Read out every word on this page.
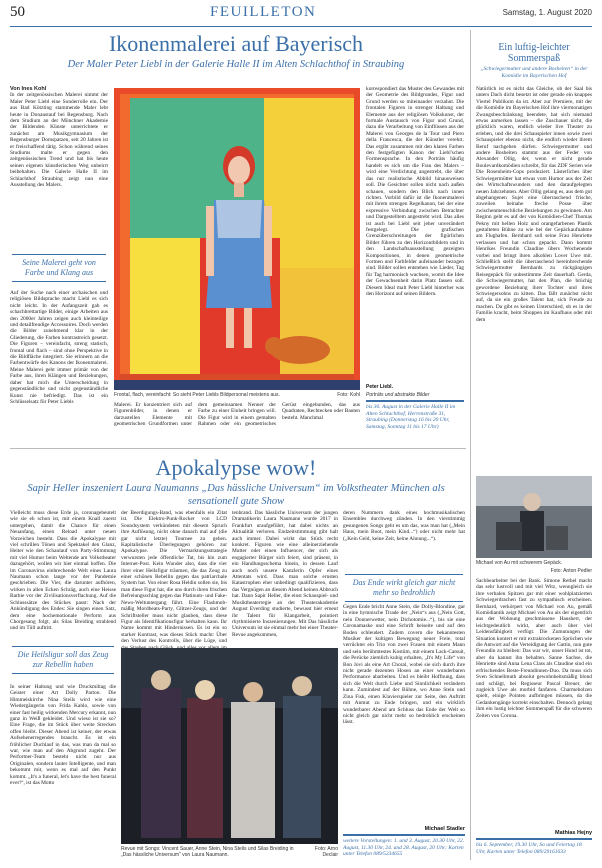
50	FEUILLETON	Samstag, 1. August 2020
Ikonenmalerei auf Bayerisch
Der Maler Peter Liebl in der Galerie Halle II im Alten Schlachthof in Straubing
Von Ines Kohl
In der zeitgenössischen Malerei nimmt der Maler Peter Liebl eine Sonderrolle ein. Der aus Bad Kötzting stammende Maler lebt heute in Donaustauf bei Regensburg. Nach dem Studium an der Münchner Akademie der Bildenden Künste unterrichtete er zunächst am Musikgymnasium der Regensburger Domspatzen, seit 20 Jahren ist er freischaffend tätig. Schon während seines Studiums malte er gegen den zeitgenössischen Trend und hat bis heute seinen eigenen künstlerischen Weg unbeirrt beibehalten. Die Galerie Halle II im Schlachthof Straubing zeigt nun eine Ausstellung des Malers.
Seine Malerei geht von Farbe und Klang aus
Auf der Suche nach einer archaischen und religiösen Bildsprache macht Liebl es sich nicht leicht. In der Anfangszeit gab es schachbrettartige Bilder, einige Arbeiten aus den 2000er Jahren zeigen auch kleinteilige und detailfreudige Accessoires. Doch werden die Bilder zunehmend klar in der Gliederung, die Farben kontrastreich gesetzt. Die Figuren – vereinfacht, streng statisch, frontal und flach – sind ohne Perspektive in die Bildfläche integriert. Sie erinnern an die Farbentwürfe des Kanons der Ikonenmalerei. Meine Malerei geht immer primär von der Farbe aus, ihren Klängen und Beziehungen, daher hat mich die Unterscheidung in gegenständliche und nicht gegenständliche Kunst nie befriedigt. Das ist ein Schlüsselsatz für Peter Liebls
Frontal, flach, vereinfacht: So sieht Peter Liebls Bildpersonal meistens aus.	Foto: Kohl
Malerei. Er konzentriert sich auf Figurenbilder, in denen er darzustellen Elemente mit geometrischen Grundformen unter dem gemeinsamen Nenner der Farbe zu einer Einheit bringen will. Die Figur wird in einem gemalten Rahmen oder ein geometrisches Gerüst eingebunden, das aus Quadraten, Rechtecken oder Bauten besteht. Manchmal
korrespondiert das Muster des Gewandes mit der Geometrie des Bildgrundes, Figur und Grund werden so miteinander verzahnt. Die frontalen Figuren in strenger Haltung und Elemente aus der religiösen Volkskunst, der formale Austausch von Figur und Grund, dazu die Verarbeitung von Einflüssen aus der Malerei von Georges de la Tour und Piero della Francesca, die der Künstler verehrt. Das ergibt zusammen mit den klaren Farben den festgefügten Kanon der Liebl'schen Formensprache. In den Porträts häufig handelt es sich um die Frau des Malers – wird eine Verdichtung angestrebt, die über das nur realistische Abbild hinausweisen soll. Die Gesichter sollen nicht nach außen schauen, sondern den Blick nach innen richten. Vorbild dafür ist die Ikonenmalerei mit ihrem strengen Regelkanon, bei der eine expressive Verbindung zwischen Betrachter und Dargestelltem angestrebt wird. Das alles ist auch bei Liebl seit jeher unverändert festgelegt. Die grafischen Grenzüberschreitungen der figürlichen Bilder führen zu den Horizontbildern und in den Landschaftsausstellung gezeigten Kompositionen, in denen geometrische Formen und Farbfelder aufeinander bezogen sind. Bilder sollen entstehen wie Lieder, Tag für Tag harmonisch wachsen, womit die Idee der Gewachsenheit darin Platz fassen soll. Diesem Ideal malt Peter Liebl hinterher was den Horizont auf seinen Bildern.
Peter Liebl.
Porträts und abstrakte Bilder
bis 30. August in der Galerie Halle II im Alten Schlachthof, Herrenstraße 31, Straubing (Donnerstag 16 bis 20 Uhr, Samstag, Sonntag 11 bis 17 Uhr)
Ein luftig-leichter Sommerspaß
„Schwiegermutter und andere Bosheiten“ in der Komödie im Bayerischen Hof
Natürlich ist es nicht das Gleiche, ob der Saal bis unters Dach dicht besetzt ist oder gerade ein knappes Viertel Publikum da ist. Aber zur Premiere, mit der die Komödie im Bayerischen Hof ihre viermonatigen Zwangsbeschränkung beendete, hat sich niemand etwas anmerken lassen – die Zuschauer nicht, die glücklich waren, endlich wieder live Theater zu erleben, und die drei Schauspieler innen sowie zwei Schauspieler ebenso nicht, die endlich wieder ihrem Beruf nachgehen dürfen. Schwiegermutter und andere Bosheiten stammt aus der Feder von Alexander Ollig, der, wenn er nicht gerade Boulevardkomödien schreibt, für das ZDF Serien wie Die Rosenheim-Cops produziert. Lästerliches über Schwiegermütter hat etwas vom Humor aus der Zeit des Wirtschaftswunders und den daraufgelegten neuen Jahrzehnten. Aber Ollig gelang es, aus dem gut abgehangenen Sujet eine überraschend frische, zuweilen beinahe freche Posse über zwischenmenschliche Beziehungen zu gewinnen. Am Beginn geht es auf der von Komödien-Chef Thomas Pekny mit hellen Holz und orangefarbenen Plastik gestalteten Bühne zu wie bei der Gepäckaufnahme am Flughafen. Bernhard soll seine Frau Henriette verlassen und hat schon gepackt. Dann kommt Henrikes Freundin Claudine übers Wochenende vorbei und bringt ihren alkohlen Lover Uwe mit. Schließlich stellt die überraschend hereinbrechende Schwiegermutter Bernhards zu rückgängigen Reisegepäck für unbestimmte Zeit dauerhaft. Gerda, die Schwiegermutter, hat den Plan, die brüchig gewordene Beziehung ihrer Tochter und ihres Schwiegersohns zu kitten. Das fällt zunächst nicht auf, da sie ein großes Talent hat, sich Freude zu machen. Da gibt es keinen Unterschied, ob es in der Familie kracht, beim Shoppen im Kaufhaus oder mit dem
Michael von Au mit schwerem Gepäck.
Foto: Anton Pedler
Sachbearbeiter bei der Bank. Simone Rethel macht das sehr lustvoll und mit viel Witz, wenngleich sie ihre verbalen Spitzen gar mit einer wohlplatzierten Schwiegerdrachen fast zu sympathisch erscheinen. Bernhard, verkörpert von Michael von Au, gemäß Komödiantik zeigt Michael von Au als der eigentlich aus der Wohnung geschmissene Hausherr, der leichtgedeutlich wirkt, aber auch über viel Leidensfähigkeit verfügt. Die Zumutungen der Situation kontert er mit extrakrockenen Sprüchen wie die Antwort auf die Verteidigung der Gattin, nun gute Freundin zu bleiben: Das war wir, unser Hund ist tot, aber du kannst ihn behalten. Sanne Sachse, die Henriette sind Anna Lena Class als Claudine sind ein erfrischendes Beste-Freundinnen-Duo. Da muss sich Sven Schnellmuth absolut gewohnheitsmäßig blond und schlägt, bei Regisseur Pascal Breuer, der zugleich Uwe als morbid fanfaren. Charmebolzen spielt, einige Pointen aufbringen müssen, da die Gedankengänge korrekt einschalten. Dennoch gelang ihm ein lustig leichter Sommerspaß für die schweren Zeiten von Corona.
Mathias Hejny
bis 6. September, 19.30 Uhr, So und Feiertag 18 Uhr, Karten unter Telefon 089/29161633
Apokalypse wow!
Sapir Heller inszeniert Laura Naumanns „Das hässliche Universum“ im Volkstheater München als sensationell gute Show
Vielleicht muss diese Erde ja, coronagebeutelt wie sie eh schon ist, mit einem Knall zuerst untergehen, damit die Chance für einen Neuanfang, einen Reload unter neuen Vorzeichen besteht. Dass die Apokalypse mit viel schrillen Tönen und Spektakel den Glanz, Heiter wie den Schaulauf von Party-Stimmung mit viel Humor beim Weltende am Volkstheater dazugehört, wollen wir hier einmal hoffen. Die im Coronavirus einbrechende Welt eines Laura Naumann schon lange vor der Pandemie geschrieben. Die Vier, die darunter aufhören, wirken in allen Ecken Schräg, auch eine Heisse Barbie vor der Zivilisationsverflachung. Auf die Schlusssätze des Stückes passt: Nach der Ankündigung des Endes: Sie singen einen Satz, dem eine hochemotionale Perform aus Chorgesang folgt, als Silas Breiding strahlend und im Tüll auftritt.
Die Heilsligur soll das Zeug zur Rebellin haben
In seiner Haltung und wie Druckmiltag die Geister einer Art Dolly Parton. Die Himmelskirche Nina Steils wird wie eine Wiedergängerin von Frida Kahlo, sowie von einer fast heilig wirkenden Mercury erkannt, nun ganz in Weiß gekleidet. Und wieso ist sie so? Eine Frage, die im Stück über weite Strecken offen bleibt. Dieser Abend ist keiner, der etwas Aufsehenerregendes braucht. Es ist ein fröhlicher Duchlauf in das, was man da mal so war, wie man auf den Abgrund zugeht. Der Performer-Team besteht nicht nur aus Originalen, sondern lauter Intelligente, und man bekommt mit, wenn es mal auf den Punkt kommt. „It's a funeral, let's have the best funeral ever!“, ist das Motto
der Beerdigungs-Band, was ebenfalls ein Zitat ist. Die Elektro-Punk-Rocker von LCD Soundsystem verkündeten mit diesem Spruch ihre Auflösung, nicht ohne danach mal auf (die gar nicht letzte) Tournee zu gehen. Kapitalistische Überlegungen gehören zur Apokalypse. Die Vermarktungsstrategie verwursten jede öffentliche Tat, bis hin zum Internet-Post. Kein Wunder also, dass die vier ihrer einer Heilsfigur träumen, die das Zeug zu einer schönen Rebellin gegen das patriarchale System hat. Von einer Rosa Heldin sollen sie, bis man diese Figur hat, die uns durch ihren frischen Befreiungsschlag gegen das Platinum- und Fake-News-Weltuntergang führt. Eine Flashmob-mäßig Mordbeats-Party, Glitzer-Zeugs, und der Schriftsteller muss nicht glauben, dass diese Figur als Identifikationsfigur herhalten kann. Ihr Name kommt mit Hindernissen. Es ist ein so starker Kontrast, was dieses Stück macht: Über den Verlust des Kontrolls, über die Lüge, und
tenbrand. Das hässliche Universum der jungen Dramatikerin Laura Naumann wurde 2017 in Frankfurt uraufgeführt, hat dabei nichts an Aktualität verloren. Endzeitstimmung gibt halt auch immer. Dabei wirkt das Stück recht konkret. Figuren wie eine alleinerziehende Mutter oder einen Influencer, der sich als engagierter Bürger sich feiert, sind präsent, in ein Handlungsschema hinein, in dessen Lauf auch noch unsere Kanzlerin Opfer eines Attentats wird. Dass man solche ernsten Katastrophen eher unbedingt qualifizieren, dass das Vergnügen an diesem Abend keinen Abbruch hat. Dann Sapir Heller, die einst Schauspiel- und Musiktheaterregie an der Theaterakademie August Everding studierte, bewusst hier erneut ihr Talent für Klangarbeit, pointiert rhythmisierte Inszenierungen. Mit Das hässliche Universum ist sie einmal mehr bei einer Theater-Revue angekommen,
deren Nummern dank eines hochmusikalischen Ensembles durchweg zünden. In den vierstimmig gesungenen Songs geht es um das, was man hat („Mein Haus, mein Boot, mein Kind...“) oder nicht mehr hat („Kein Geld, keine Zeit, keine Ahnung...“).
Das Ende wirkt gleich gar nicht mehr so bedrohlich
Gegen Ende bricht Anne Stein, die Dolly-Blondine, gar in eine hymnische Tirade der „Nein“s aus („Nein Gott, nein Donnerwetter, nein Dichotomie...“), bis sie eine Coronamaske und eine Schrift beiseite und auf den Boden schleudert. Zudem covern die bekanntesten Musiker der kultigen Bewegung neuer Freie, total verrückter ein Trio von zwei Frauen mit einem Mann und sein berühmtestes Kostüm, mit einem Lack-Catsuit, die Perücke ziemlich kuhig erhalten, „It's My Life“ von Bon Jovi als eine Art Choral, wobei sie sich durch ihre nicht gerade dezenten Hosen an einer wunderbaren Performance abarbeiten. Und es bleibt Hoffnung, dass sich die Welt durch Liebe und Sinnlichkeit verändern kann. Zumindest auf der Bühne, wo Anne Stein und Zina Fisk, einen Klavierspieler zur Seite, den Auftritt mit Anmut zu Ende bringen, und ein wirklich wunderbarer Abend am Schluss das Ende der Welt so nicht gleich gar nicht mehr so bedrohlich erscheinen lässt.
Michael Stadler
weitere Vorstellungen: 1. und 3. August, 20.30 Uhr, 22. August, 11.30 Uhr, 24. und 28. August, 20 Uhr; Karten unter Telefon 089/5234655
Revue mit Songs: Vincent Sauer, Anne Stein, Nina Steils und Silas Breiding in „Das hässliche Universum“ von Laura Naumann.
Foto: Arno Declair
